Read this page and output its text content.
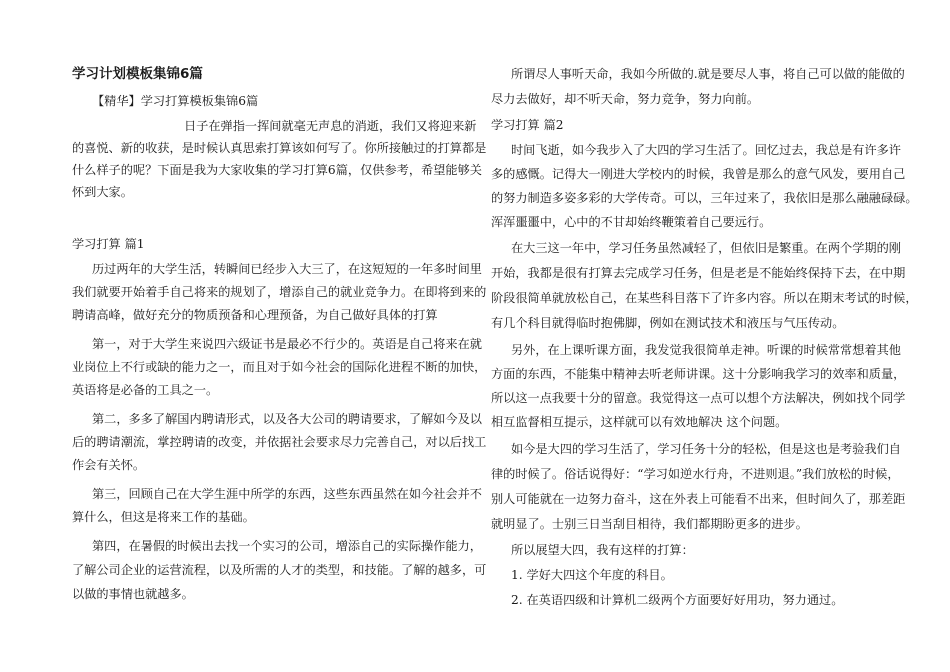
学习计划模板集锦6篇
【精华】学习打算模板集锦6篇
日子在弹指一挥间就毫无声息的消逝，我们又将迎来新
的喜悦、新的收获，是时候认真思索打算该如何写了。你所接触过的打算都是
什么样子的呢？下面是我为大家收集的学习打算6篇，仅供参考，希望能够关
怀到大家。
学习打算 篇1
历过两年的大学生活，转瞬间已经步入大三了，在这短短的一年多时间里
我们就要开始着手自己将来的规划了，增添自己的就业竞争力。在即将到来的
聘请高峰，做好充分的物质预备和心理预备，为自己做好具体的打算
第一，对于大学生来说四六级证书是最必不行少的。英语是自己将来在就
业岗位上不行或缺的能力之一，而且对于如今社会的国际化进程不断的加快，
英语将是必备的工具之一。
第二，多多了解国内聘请形式，以及各大公司的聘请要求，了解如今及以
后的聘请潮流，掌控聘请的改变，并依据社会要求尽力完善自己，对以后找工
作会有关怀。
第三，回顾自己在大学生涯中所学的东西，这些东西虽然在如今社会并不
算什么，但这是将来工作的基础。
第四，在暑假的时候出去找一个实习的公司，增添自己的实际操作能力，
了解公司企业的运营流程，以及所需的人才的类型，和技能。了解的越多，可
以做的事情也就越多。
所谓尽人事听天命，我如今所做的.就是要尽人事，将自己可以做的能做的
尽力去做好，却不听天命，努力竞争，努力向前。
学习打算 篇2
时间飞逝，如今我步入了大四的学习生活了。回忆过去，我总是有许多许
多的感慨。记得大一刚进大学校内的时候，我曾是那么的意气风发，要用自己
的努力制造多姿多彩的大学传奇。可以，三年过来了，我依旧是那么融融碌碌。
浑浑噩噩中，心中的不甘却始终鞭策着自己要远行。
在大三这一年中，学习任务虽然减轻了，但依旧是繁重。在两个学期的刚
开始，我都是很有打算去完成学习任务，但是老是不能始终保持下去，在中期
阶段很简单就放松自己，在某些科目落下了许多内容。所以在期末考试的时候，
有几个科目就得临时抱佛脚，例如在测试技术和液压与气压传动。
另外，在上课听课方面，我发觉我很简单走神。听课的时候常常想着其他
方面的东西，不能集中精神去听老师讲课。这十分影响我学习的效率和质量，
所以这一点我要十分的留意。我觉得这一点可以想个方法解决，例如找个同学
相互监督相互提示，这样就可以有效地解决 这个问题。
如今是大四的学习生活了，学习任务十分的轻松，但是这也是考验我们自
律的时候了。俗话说得好：“学习如逆水行舟，不进则退。”我们放松的时候，
别人可能就在一边努力奋斗，这在外表上可能看不出来，但时间久了，那差距
就明显了。士别三日当刮目相待，我们都期盼更多的进步。
所以展望大四，我有这样的打算：
1. 学好大四这个年度的科目。
2. 在英语四级和计算机二级两个方面要好好用功，努力通过。
